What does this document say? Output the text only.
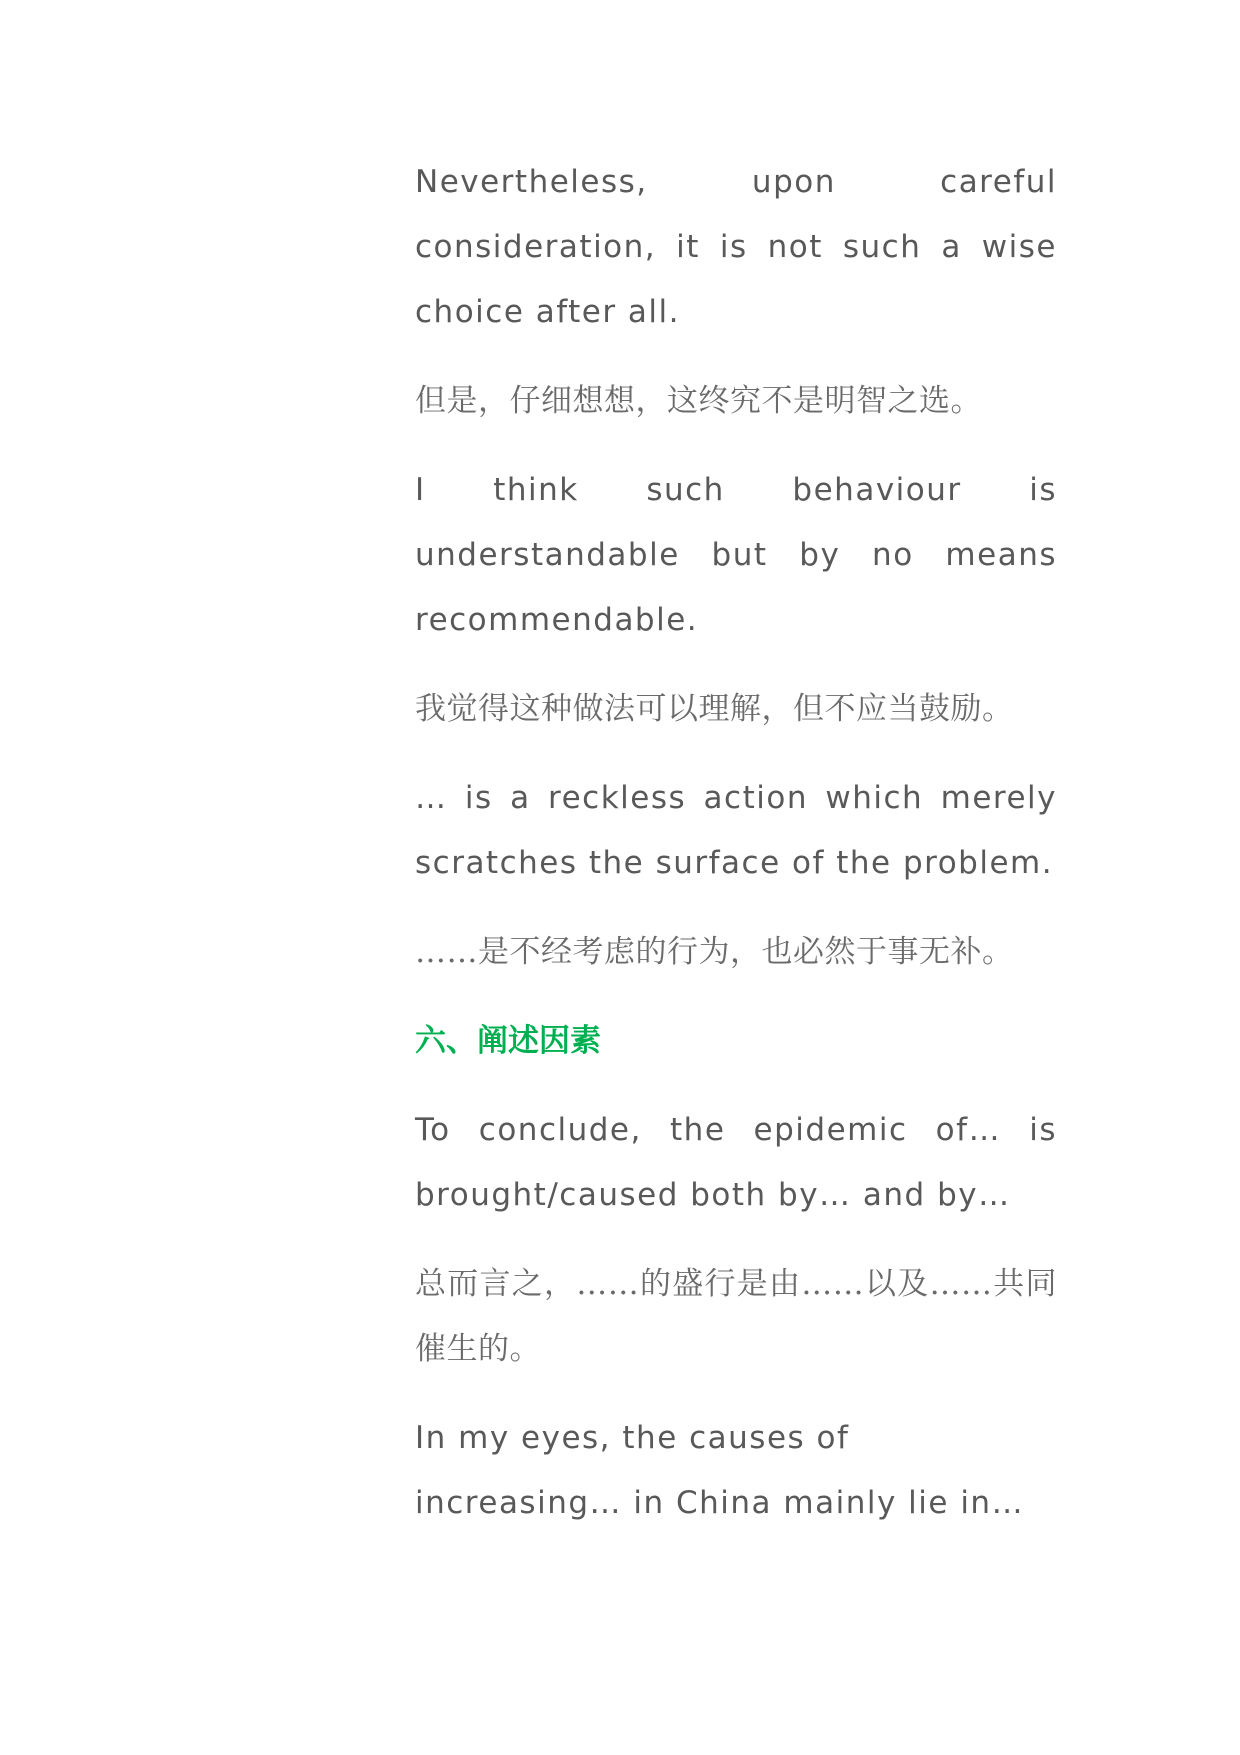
Nevertheless, upon careful consideration, it is not such a wise choice after all.

但是，仔细想想，这终究不是明智之选。

I think such behaviour is understandable but by no means recommendable.

我觉得这种做法可以理解，但不应当鼓励。

… is a reckless action which merely scratches the surface of the problem.

……是不经考虑的行为，也必然于事无补。

六、阐述因素

To conclude, the epidemic of… is brought/caused both by… and by…

总而言之，……的盛行是由……以及……共同催生的。

In my eyes, the causes of increasing… in China mainly lie in…
